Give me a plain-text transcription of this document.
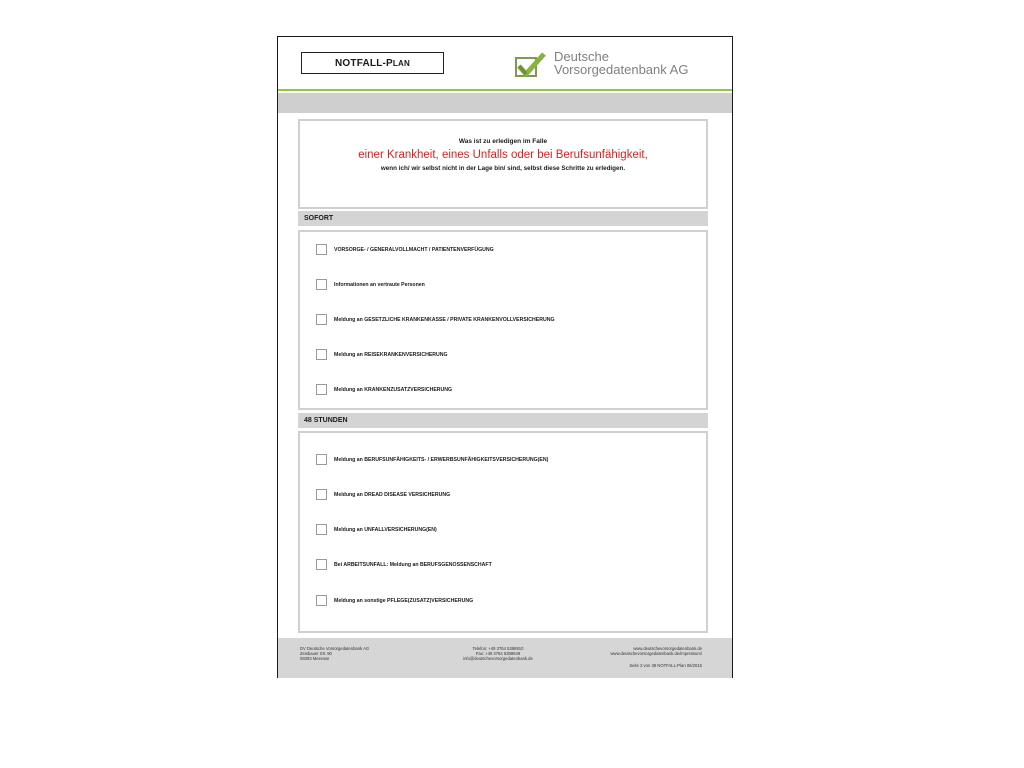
NOTFALL-P LAN	Deutsche
Vorsorgedatenbank AG
Was ist zu erledigen im Falle
einer Krankheit, eines Unfalls oder bei Berufsunfähigkeit,
wenn ich/ wir selbst nicht in der Lage bin/ sind, selbst diese Schritte zu erledigen.
SOFORT
VORSORGE- / GENERALVOLLMACHT / PATIENTENVERFÜGUNG
Informationen an vertraute Personen
Meldung an GESETZLICHE KRANKENKASSE / PRIVATE KRANKENVOLLVERSICHERUNG
Meldung an REISEKRANKENVERSICHERUNG
Meldung an KRANKENZUSATZVERSICHERUNG
48 STUNDEN
Meldung an BERUFSUNFÄHIGKEITS- / ERWERBSUNFÄHIGKEITSVERSICHERUNG(EN)
Meldung an DREAD DISEASE VERSICHERUNG
Meldung an UNFALLVERSICHERUNG(EN)
Bei ARBEITSUNFALL: Meldung an BERUFSGENOSSENSCHAFT
Meldung an sonstige PFLEGE(ZUSATZ)VERSICHERUNG
DV Deutsche Vorsorgedatenbank AG
Zeisbauer Str. 90
08393 Meerane
Telefon: +49 3764 5398910
Fax: +49 3764 5398949
info@deutschevorsorgedatenbank.de
www.deutschevorsorgedatenbank.de
www.deutschevorsorgedatenbank.de/impressum/
Seite 2 von 38 NOTFALL-Plan 06/2015
